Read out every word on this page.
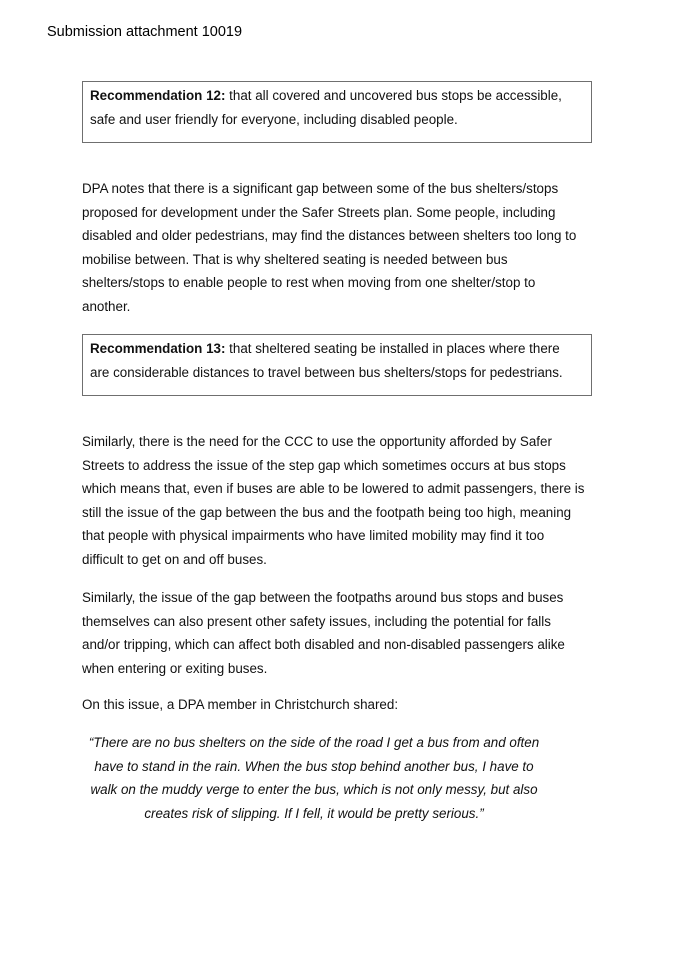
Submission attachment 10019
Recommendation 12: that all covered and uncovered bus stops be accessible,
safe and user friendly for everyone, including disabled people.

DPA notes that there is a significant gap between some of the bus shelters/stops
proposed for development under the Safer Streets plan. Some people, including
disabled and older pedestrians, may find the distances between shelters too long to
mobilise between. That is why sheltered seating is needed between bus
shelters/stops to enable people to rest when moving from one shelter/stop to
another.

Recommendation 13: that sheltered seating be installed in places where there
are considerable distances to travel between bus shelters/stops for pedestrians.

Similarly, there is the need for the CCC to use the opportunity afforded by Safer
Streets to address the issue of the step gap which sometimes occurs at bus stops
which means that, even if buses are able to be lowered to admit passengers, there is
still the issue of the gap between the bus and the footpath being too high, meaning
that people with physical impairments who have limited mobility may find it too
difficult to get on and off buses.

Similarly, the issue of the gap between the footpaths around bus stops and buses
themselves can also present other safety issues, including the potential for falls
and/or tripping, which can affect both disabled and non-disabled passengers alike
when entering or exiting buses.

On this issue, a DPA member in Christchurch shared:

“There are no bus shelters on the side of the road I get a bus from and often
have to stand in the rain. When the bus stop behind another bus, I have to
walk on the muddy verge to enter the bus, which is not only messy, but also
creates risk of slipping. If I fell, it would be pretty serious.”
